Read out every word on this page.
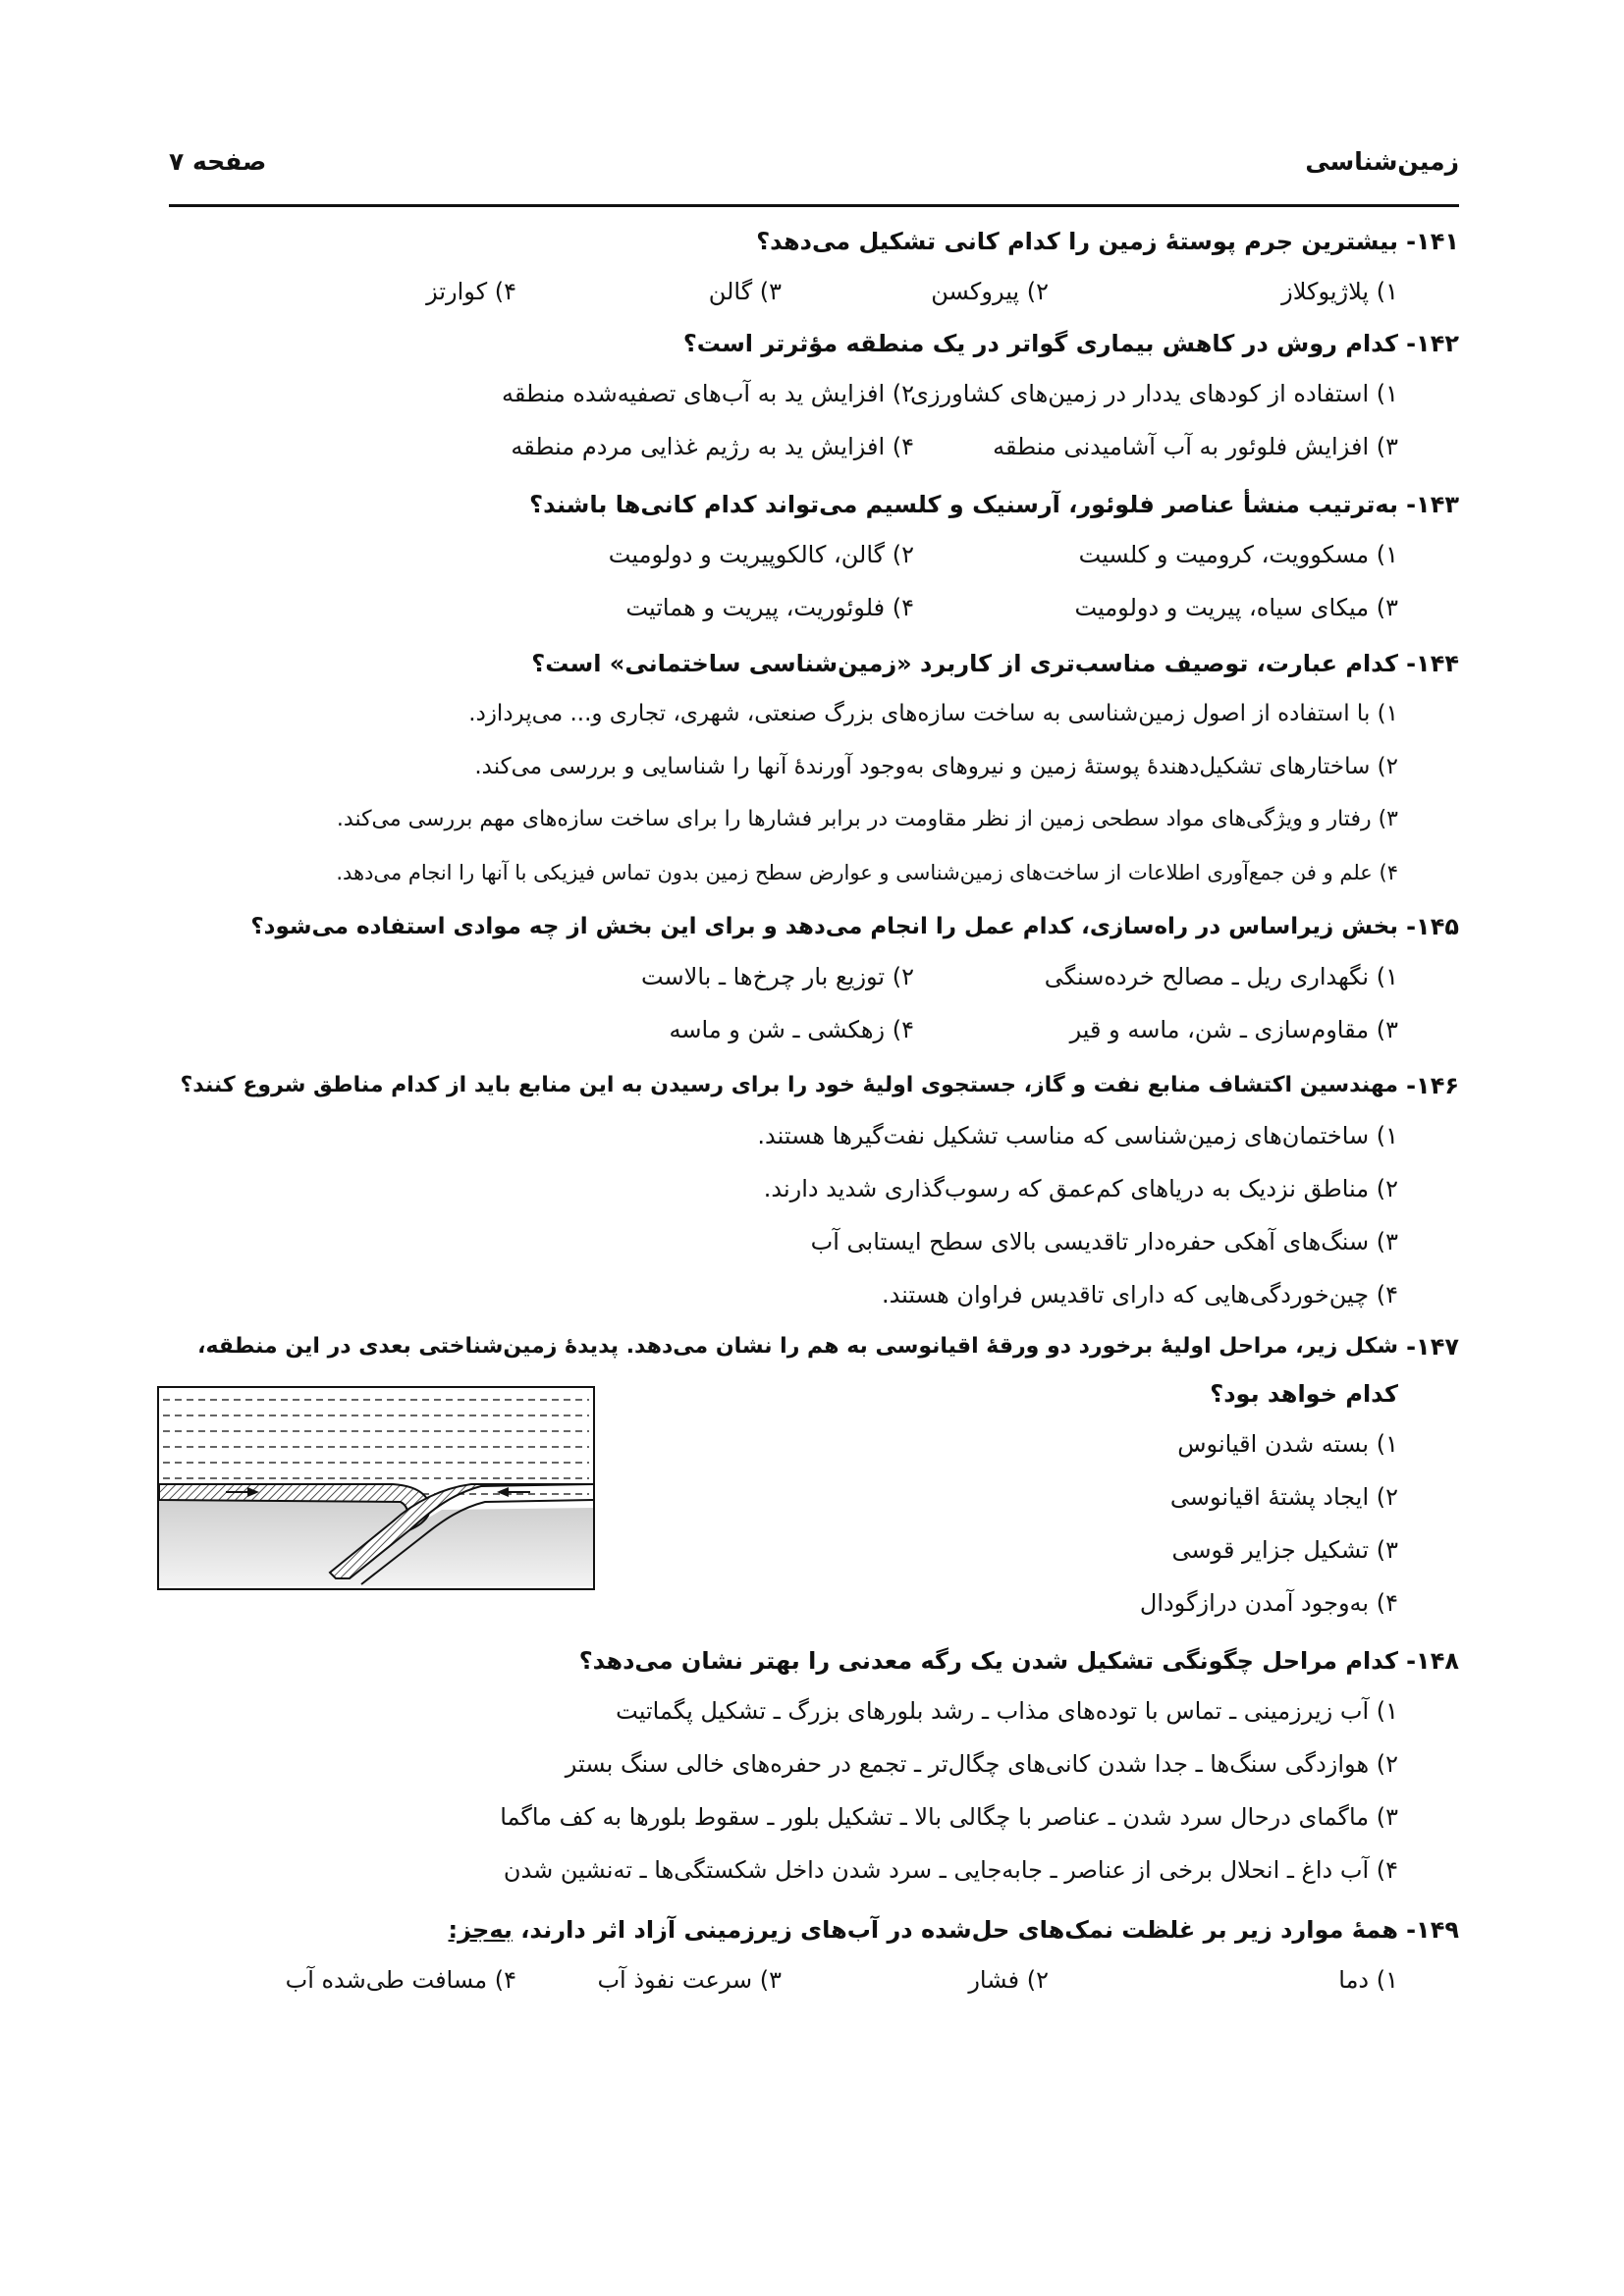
زمین‌شناسی
صفحه ۷
۱۴۱-
بیشترین جرم پوستهٔ زمین را کدام کانی تشکیل می‌دهد؟
۱) پلاژیوکلاز
۲) پیروکسن
۳) گالن
۴) کوارتز
۱۴۲-
کدام روش در کاهش بیماری گواتر در یک منطقه مؤثرتر است؟
۱) استفاده از کودهای یددار در زمین‌های کشاورزی
۲) افزایش ید به آب‌های تصفیه‌شده منطقه
۳) افزایش فلوئور به آب آشامیدنی منطقه
۴) افزایش ید به رژیم غذایی مردم منطقه
۱۴۳-
به‌ترتیب منشأ عناصر فلوئور، آرسنیک و کلسیم می‌تواند کدام کانی‌ها باشند؟
۱) مسکوویت، کرومیت و کلسیت
۲) گالن، کالکوپیریت و دولومیت
۳) میکای سیاه، پیریت و دولومیت
۴) فلوئوریت، پیریت و هماتیت
۱۴۴-
کدام عبارت، توصیف مناسب‌تری از کاربرد «زمین‌شناسی ساختمانی» است؟
۱) با استفاده از اصول زمین‌شناسی به ساخت سازه‌های بزرگ صنعتی، شهری، تجاری و... می‌پردازد.
۲) ساختارهای تشکیل‌دهندهٔ پوستهٔ زمین و نیروهای به‌وجود آورندهٔ آنها را شناسایی و بررسی می‌کند.
۳) رفتار و ویژگی‌های مواد سطحی زمین از نظر مقاومت در برابر فشارها را برای ساخت سازه‌های مهم بررسی می‌کند.
۴) علم و فن جمع‌آوری اطلاعات از ساخت‌های زمین‌شناسی و عوارض سطح زمین بدون تماس فیزیکی با آنها را انجام می‌دهد.
۱۴۵-
بخش زیراساس در راه‌سازی، کدام عمل را انجام می‌دهد و برای این بخش از چه موادی استفاده می‌شود؟
۱) نگهداری ریل ـ مصالح خرده‌سنگی
۲) توزیع بار چرخ‌ها ـ بالاست
۳) مقاوم‌سازی ـ شن، ماسه و قیر
۴) زهکشی ـ شن و ماسه
۱۴۶-
مهندسین اکتشاف منابع نفت و گاز، جستجوی اولیهٔ خود را برای رسیدن به این منابع باید از کدام مناطق شروع کنند؟
۱) ساختمان‌های زمین‌شناسی که مناسب تشکیل نفت‌گیرها هستند.
۲) مناطق نزدیک به دریاهای کم‌عمق که رسوب‌گذاری شدید دارند.
۳) سنگ‌های آهکی حفره‌دار تاقدیسی بالای سطح ایستابی آب
۴) چین‌خوردگی‌هایی که دارای تاقدیس فراوان هستند.
۱۴۷-
شکل زیر، مراحل اولیهٔ برخورد دو ورقهٔ اقیانوسی به هم را نشان می‌دهد. پدیدهٔ زمین‌شناختی بعدی در این منطقه،
کدام خواهد بود؟
۱) بسته شدن اقیانوس
۲) ایجاد پشتهٔ اقیانوسی
۳) تشکیل جزایر قوسی
۴) به‌وجود آمدن درازگودال
۱۴۸-
کدام مراحل چگونگی تشکیل شدن یک رگه معدنی را بهتر نشان می‌دهد؟
۱) آب زیرزمینی ـ تماس با توده‌های مذاب ـ رشد بلورهای بزرگ ـ تشکیل پگماتیت
۲) هوازدگی سنگ‌ها ـ جدا شدن کانی‌های چگال‌تر ـ تجمع در حفره‌های خالی سنگ بستر
۳) ماگمای درحال سرد شدن ـ عناصر با چگالی بالا ـ تشکیل بلور ـ سقوط بلورها به کف ماگما
۴) آب داغ ـ انحلال برخی از عناصر ـ جابه‌جایی ـ سرد شدن داخل شکستگی‌ها ـ ته‌نشین شدن
۱۴۹-
همهٔ موارد زیر بر غلظت نمک‌های حل‌شده در آب‌های زیرزمینی آزاد اثر دارند، به‌جز:
۱) دما
۲) فشار
۳) سرعت نفوذ آب
۴) مسافت طی‌شده آب
